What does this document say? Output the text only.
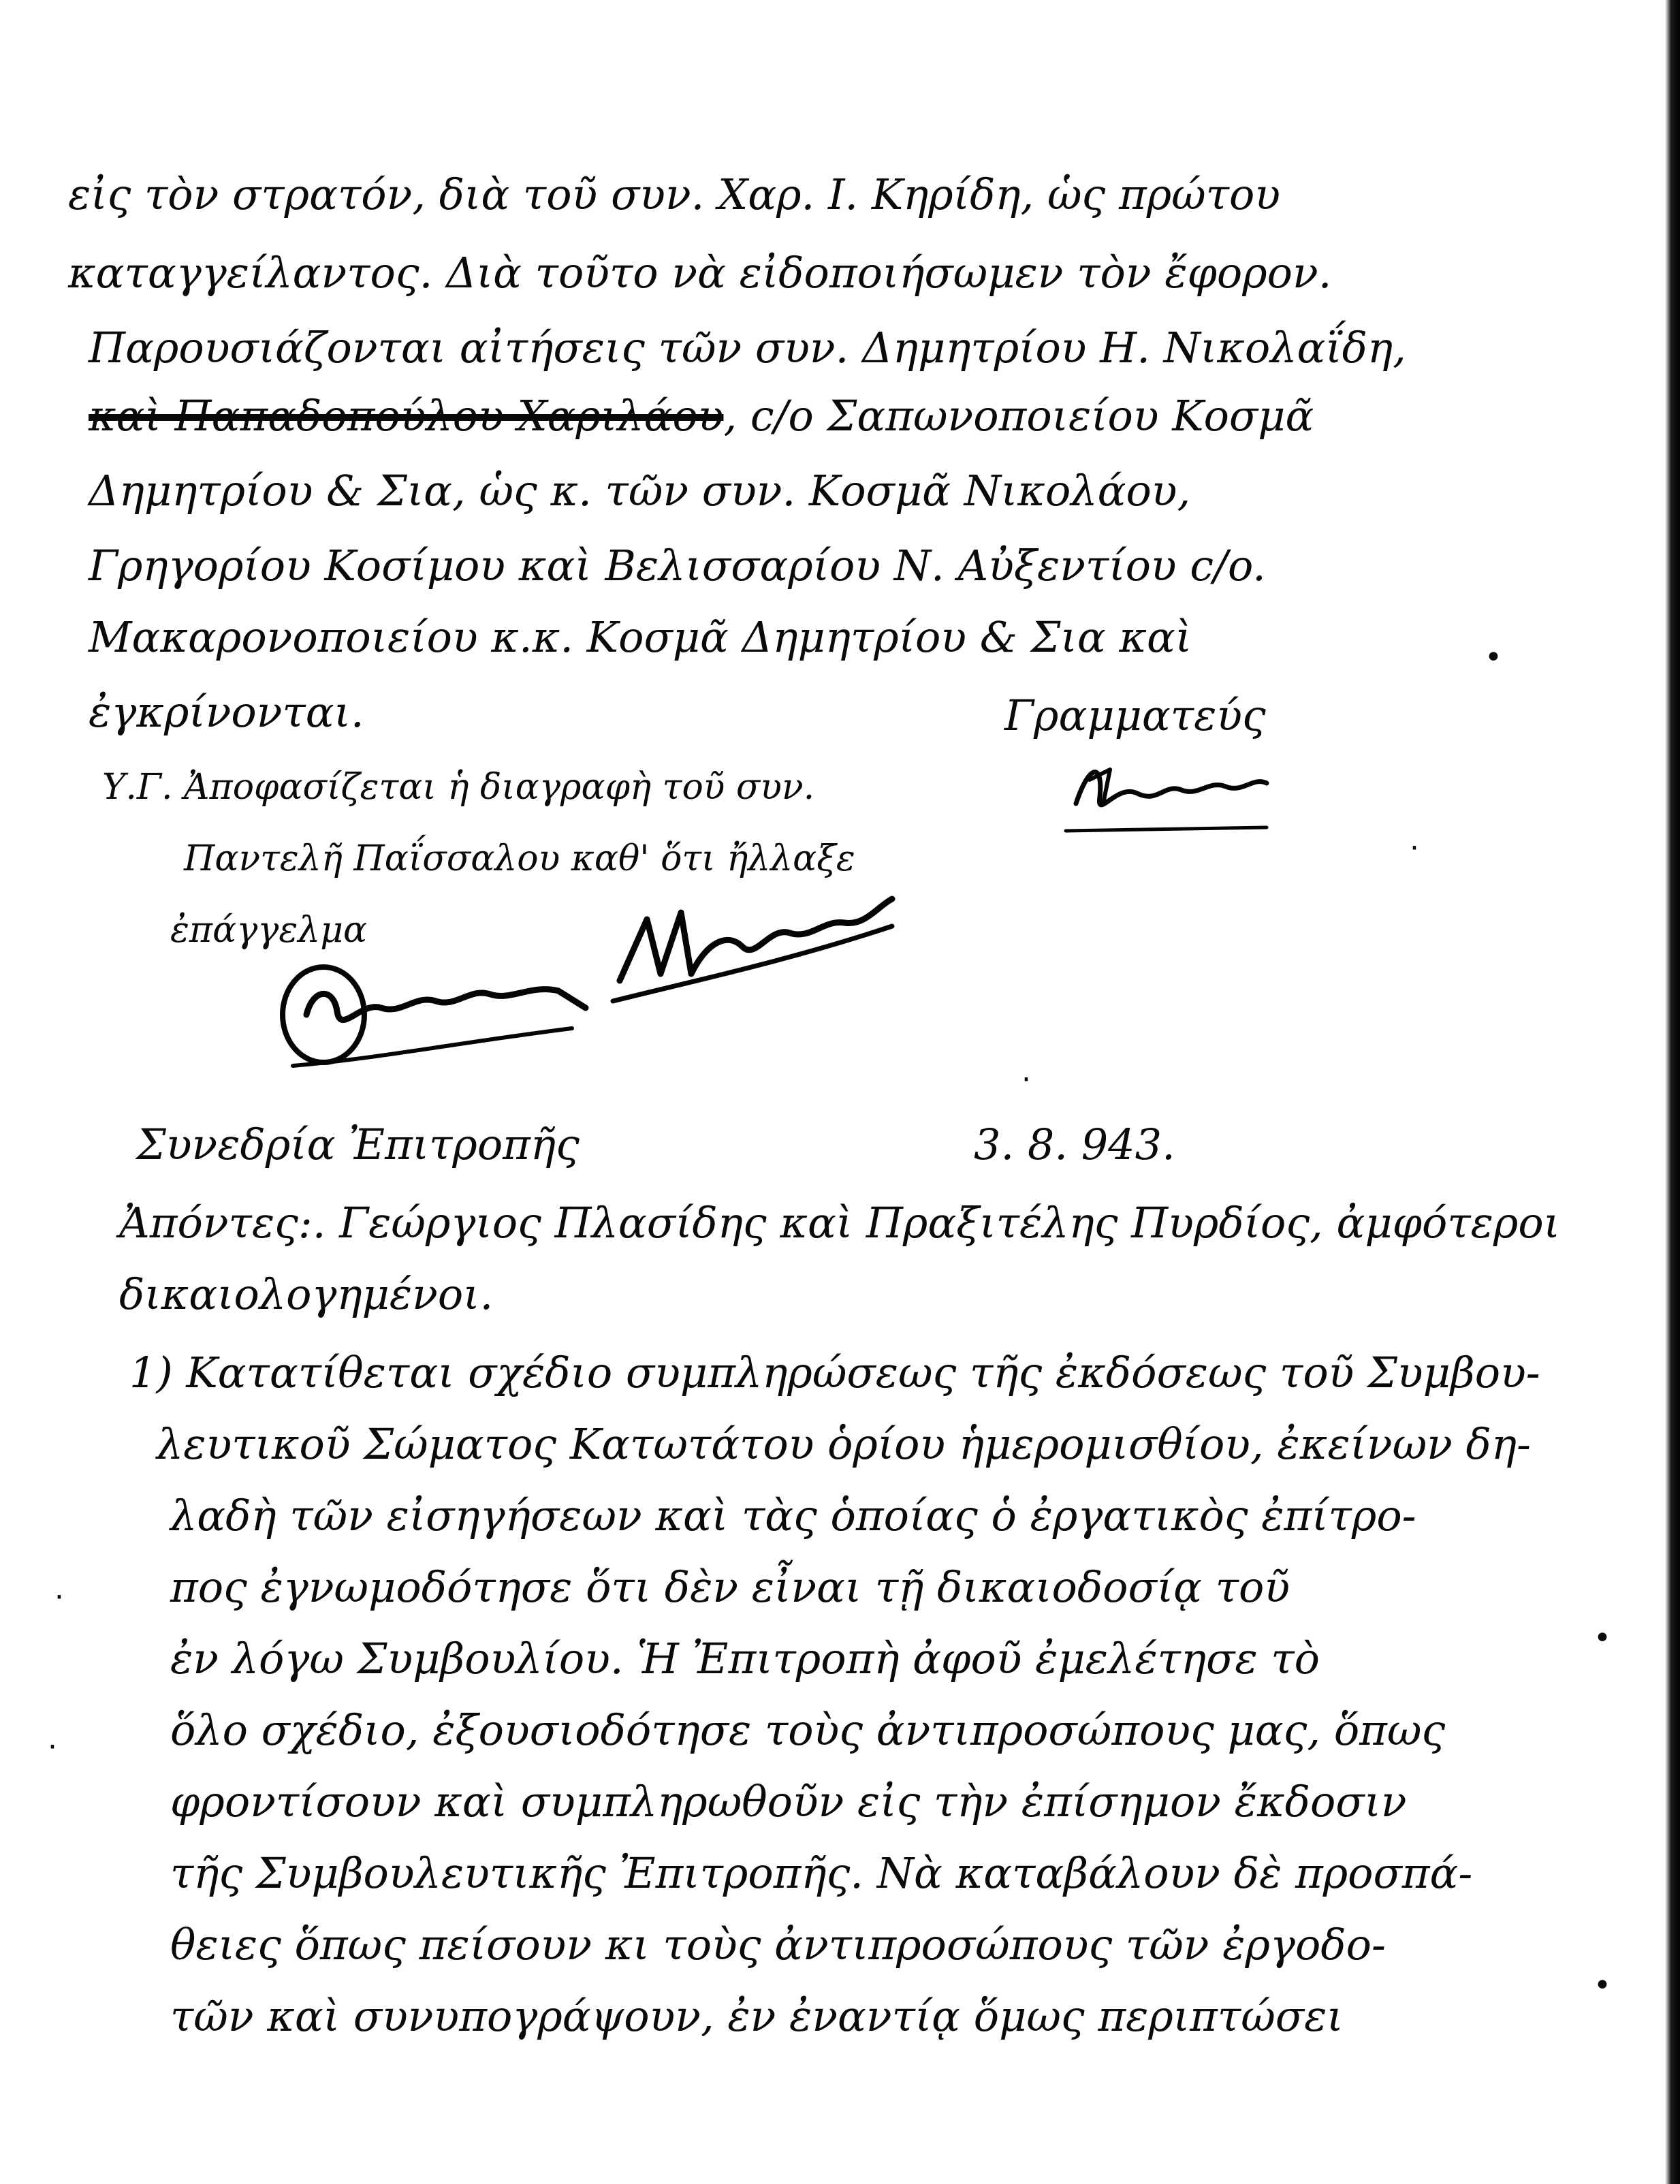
εἰς τὸν στρατόν, διὰ τοῦ συν. Χαρ. Ι. Κηρίδη, ὡς πρώτου
καταγγείλαντος. Διὰ τοῦτο νὰ εἰδοποιήσωμεν τὸν ἔφορον.
Παρουσιάζονται αἰτήσεις τῶν συν. Δημητρίου Η. Νικολαΐδη,
καὶ Παπαδοπούλου Χαριλάου, c/o Σαπωνοποιείου Κοσμᾶ
Δημητρίου & Σια, ὡς κ. τῶν συν. Κοσμᾶ Νικολάου,
Γρηγορίου Κοσίμου καὶ Βελισσαρίου Ν. Αὐξεντίου c/o.
Μακαρονοποιείου κ.κ. Κοσμᾶ Δημητρίου & Σια καὶ
ἐγκρίνονται.	Γραμματεύς
Υ.Γ. Ἀποφασίζεται ἡ διαγραφὴ τοῦ συν.
Παντελῆ Παΐσσαλου καθ' ὅτι ἤλλαξε
ἐπάγγελμα
Συνεδρία Ἐπιτροπῆς	3. 8. 943.
Ἀπόντες:. Γεώργιος Πλασίδης καὶ Πραξιτέλης Πυρδίος, ἀμφότεροι
δικαιολογημένοι.
1) Κατατίθεται σχέδιο συμπληρώσεως τῆς ἐκδόσεως τοῦ Συμβου-
λευτικοῦ Σώματος Κατωτάτου ὁρίου ἡμερομισθίου, ἐκείνων δη-
λαδὴ τῶν εἰσηγήσεων καὶ τὰς ὁποίας ὁ ἐργατικὸς ἐπίτρο-
πος ἐγνωμοδότησε ὅτι δὲν εἶναι τῇ δικαιοδοσίᾳ τοῦ
ἐν λόγω Συμβουλίου. Ἡ Ἐπιτροπὴ ἀφοῦ ἐμελέτησε τὸ
ὅλο σχέδιο, ἐξουσιοδότησε τοὺς ἀντιπροσώπους μας, ὅπως
φροντίσουν καὶ συμπληρωθοῦν εἰς τὴν ἐπίσημον ἔκδοσιν
τῆς Συμβουλευτικῆς Ἐπιτροπῆς. Νὰ καταβάλουν δὲ προσπά-
θειες ὅπως πείσουν κι τοὺς ἀντιπροσώπους τῶν ἐργοδο-
τῶν καὶ συνυπογράψουν, ἐν ἐναντίᾳ ὅμως περιπτώσει
•
·
·
·
·
•
•
